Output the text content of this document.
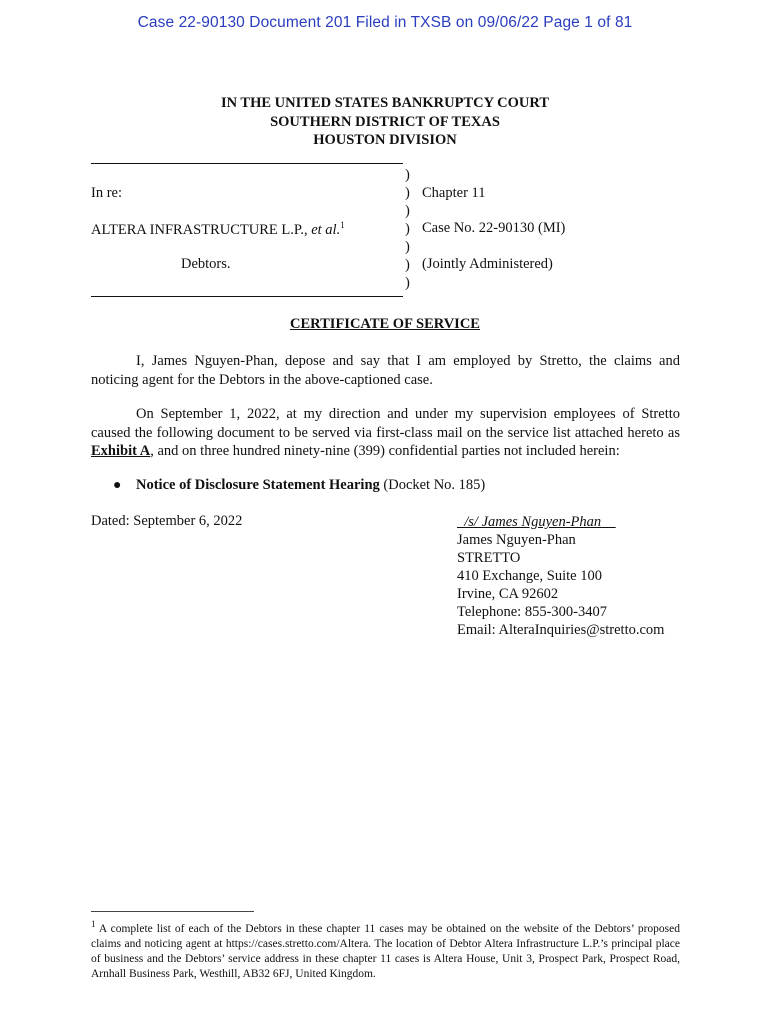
Case 22-90130 Document 201 Filed in TXSB on 09/06/22 Page 1 of 81
IN THE UNITED STATES BANKRUPTCY COURT
SOUTHERN DISTRICT OF TEXAS
HOUSTON DIVISION
In re:
ALTERA INFRASTRUCTURE L.P., et al.$^1$
Debtors.
)
)
)
)
)
)
)
Chapter 11
Case No. 22-90130 (MI)
(Jointly Administered)
CERTIFICATE OF SERVICE
I, James Nguyen-Phan, depose and say that I am employed by Stretto, the claims and noticing agent for the Debtors in the above-captioned case.
On September 1, 2022, at my direction and under my supervision employees of Stretto caused the following document to be served via first-class mail on the service list attached hereto as Exhibit A, and on three hundred ninety-nine (399) confidential parties not included herein:
● Notice of Disclosure Statement Hearing (Docket No. 185)
Dated: September 6, 2022	/s/ James Nguyen-Phan
James Nguyen-Phan
STRETTO
410 Exchange, Suite 100
Irvine, CA 92602
Telephone: 855-300-3407
Email: AlteraInquiries@stretto.com
$^1$ A complete list of each of the Debtors in these chapter 11 cases may be obtained on the website of the Debtors’ proposed claims and noticing agent at https://cases.stretto.com/Altera. The location of Debtor Altera Infrastructure L.P.’s principal place of business and the Debtors’ service address in these chapter 11 cases is Altera House, Unit 3, Prospect Park, Prospect Road, Arnhall Business Park, Westhill, AB32 6FJ, United Kingdom.
